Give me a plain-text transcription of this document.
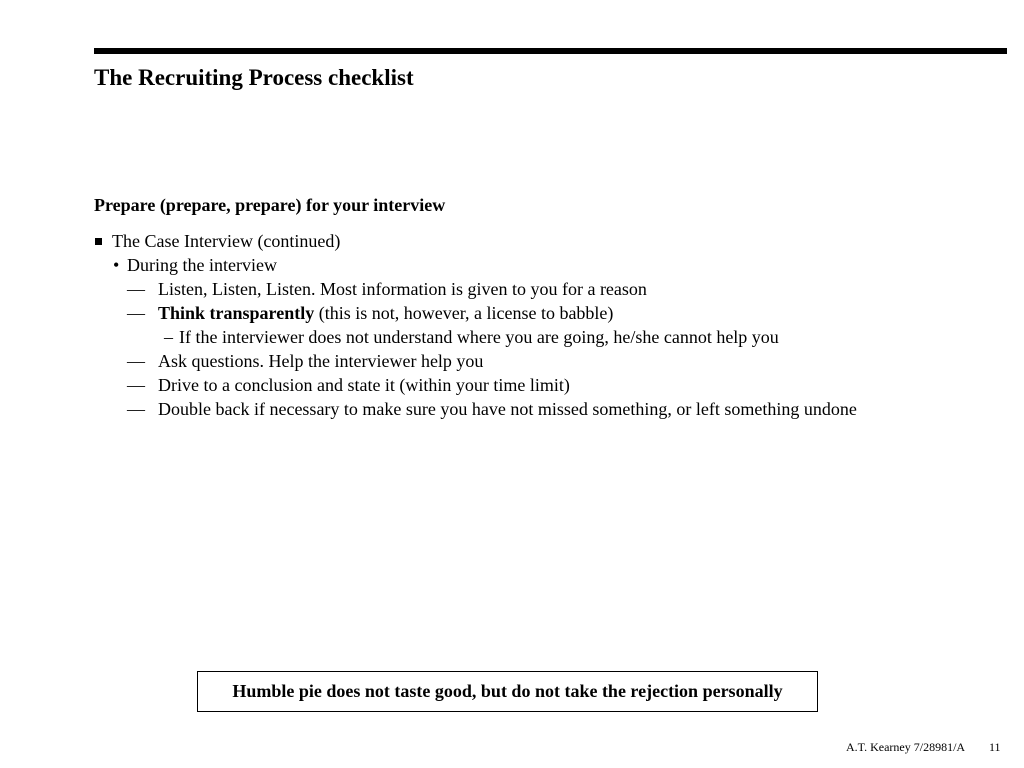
The Recruiting Process checklist
Prepare (prepare, prepare) for your interview
The Case Interview (continued)
• During the interview
— Listen, Listen, Listen. Most information is given to you for a reason
— Think transparently (this is not, however, a license to babble)
– If the interviewer does not understand where you are going, he/she cannot help you
— Ask questions. Help the interviewer help you
— Drive to a conclusion and state it (within your time limit)
— Double back if necessary to make sure you have not missed something, or left something undone
Humble pie does not taste good, but do not take the rejection personally
A.T. Kearney 7/28981/A 11
